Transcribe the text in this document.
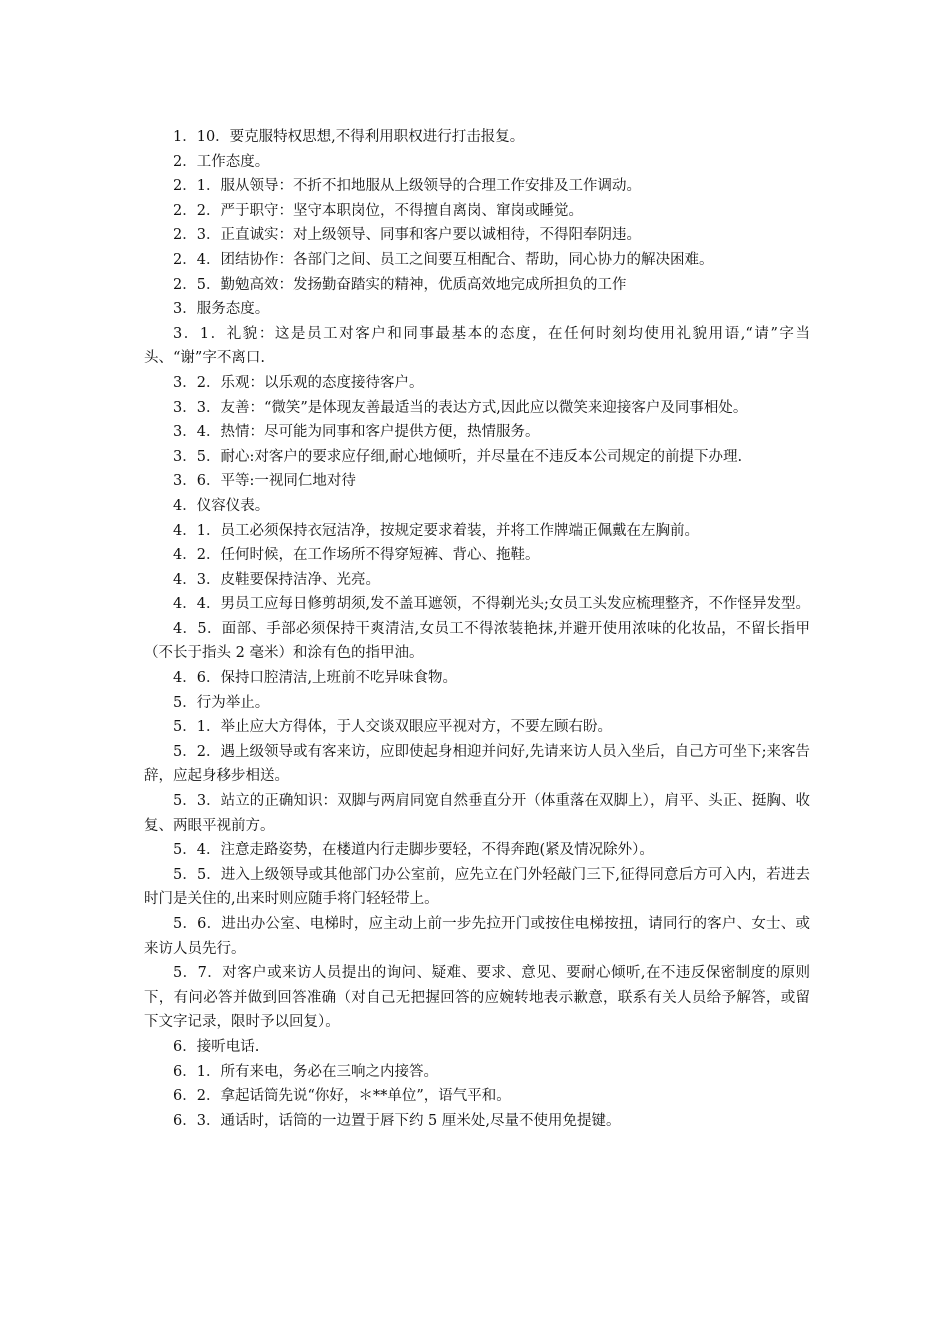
1．10．要克服特权思想,不得利用职权进行打击报复。

2．工作态度。

2．1．服从领导：不折不扣地服从上级领导的合理工作安排及工作调动。

2．2．严于职守：坚守本职岗位，不得擅自离岗、窜岗或睡觉。

2．3．正直诚实：对上级领导、同事和客户要以诚相待，不得阳奉阴违。

2．4．团结协作：各部门之间、员工之间要互相配合、帮助，同心协力的解决困难。

2．5．勤勉高效：发扬勤奋踏实的精神，优质高效地完成所担负的工作

3．服务态度。

3．1．礼貌：这是员工对客户和同事最基本的态度，在任何时刻均使用礼貌用语,“请”字当头、“谢”字不离口.

3．2．乐观：以乐观的态度接待客户。

3．3．友善：“微笑”是体现友善最适当的表达方式,因此应以微笑来迎接客户及同事相处。

3．4．热情：尽可能为同事和客户提供方便，热情服务。

3．5．耐心:对客户的要求应仔细,耐心地倾听，并尽量在不违反本公司规定的前提下办理.

3．6．平等:一视同仁地对待

4．仪容仪表。

4．1．员工必须保持衣冠洁净，按规定要求着装，并将工作牌端正佩戴在左胸前。

4．2．任何时候，在工作场所不得穿短裤、背心、拖鞋。

4．3．皮鞋要保持洁净、光亮。

4．4．男员工应每日修剪胡须,发不盖耳遮领，不得剃光头;女员工头发应梳理整齐，不作怪异发型。

4．5．面部、手部必须保持干爽清洁,女员工不得浓装艳抹,并避开使用浓味的化妆品，不留长指甲（不长于指头 2 毫米）和涂有色的指甲油。

4．6．保持口腔清洁,上班前不吃异味食物。

5．行为举止。

5．1．举止应大方得体，于人交谈双眼应平视对方，不要左顾右盼。

5．2．遇上级领导或有客来访，应即使起身相迎并问好,先请来访人员入坐后，自己方可坐下;来客告辞，应起身移步相送。

5．3．站立的正确知识：双脚与两肩同宽自然垂直分开（体重落在双脚上），肩平、头正、挺胸、收复、两眼平视前方。

5．4．注意走路姿势，在楼道内行走脚步要轻，不得奔跑(紧及情况除外）。

5．5．进入上级领导或其他部门办公室前，应先立在门外轻敲门三下,征得同意后方可入内，若进去时门是关住的,出来时则应随手将门轻轻带上。

5．6．进出办公室、电梯时，应主动上前一步先拉开门或按住电梯按扭，请同行的客户、女士、或来访人员先行。

5．7．对客户或来访人员提出的询问、疑难、要求、意见、要耐心倾听,在不违反保密制度的原则下，有问必答并做到回答准确（对自己无把握回答的应婉转地表示歉意，联系有关人员给予解答，或留下文字记录，限时予以回复）。

6．接听电话.

6．1．所有来电，务必在三响之内接答。

6．2．拿起话筒先说“你好，＊**单位”，语气平和。

6．3．通话时，话筒的一边置于唇下约 5 厘米处,尽量不使用免提键。
